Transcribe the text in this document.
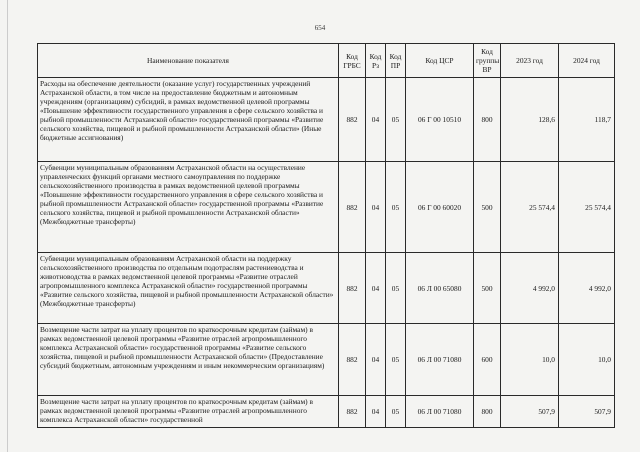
654
Наименование показателя	Код ГРБС	Код Рз	Код ПР	Код ЦСР	Код группы ВР	2023 год	2024 год
Расходы на обеспечение деятельности (оказание услуг) государственных учреждений Астраханской области, в том числе на предоставление бюджетным и автономным учреждениям (организациям) субсидий, в рамках ведомственной целевой программы «Повышение эффективности государственного управления в сфере сельского хозяйства и рыбной промышленности Астраханской области» государственной программы «Развитие сельского хозяйства, пищевой и рыбной промышленности Астраханской области» (Иные бюджетные ассигнования)	882	04	05	06 Г 00 10510	800	128,6	118,7
Субвенции муниципальным образованиям Астраханской области на осуществление управленческих функций органами местного самоуправления по поддержке сельскохозяйственного производства в рамках ведомственной целевой программы «Повышение эффективности государственного управления в сфере сельского хозяйства и рыбной промышленности Астраханской области» государственной программы «Развитие сельского хозяйства, пищевой и рыбной промышленности Астраханской области» (Межбюджетные трансферты)	882	04	05	06 Г 00 60020	500	25 574,4	25 574,4
Субвенции муниципальным образованиям Астраханской области на поддержку сельскохозяйственного производства по отдельным подотраслям растениеводства и животноводства в рамках ведомственной целевой программы «Развитие отраслей агропромышленного комплекса Астраханской области» государственной программы «Развитие сельского хозяйства, пищевой и рыбной промышленности Астраханской области» (Межбюджетные трансферты)	882	04	05	06 Л 00 65080	500	4 992,0	4 992,0
Возмещение части затрат на уплату процентов по краткосрочным кредитам (займам) в рамках ведомственной целевой программы «Развитие отраслей агропромышленного комплекса Астраханской области» государственной программы «Развитие сельского хозяйства, пищевой и рыбной промышленности Астраханской области» (Предоставление субсидий бюджетным, автономным учреждениям и иным некоммерческим организациям)	882	04	05	06 Л 00 71080	600	10,0	10,0
Возмещение части затрат на уплату процентов по краткосрочным кредитам (займам) в рамках ведомственной целевой программы «Развитие отраслей агропромышленного комплекса Астраханской области» государственной	882	04	05	06 Л 00 71080	800	507,9	507,9
